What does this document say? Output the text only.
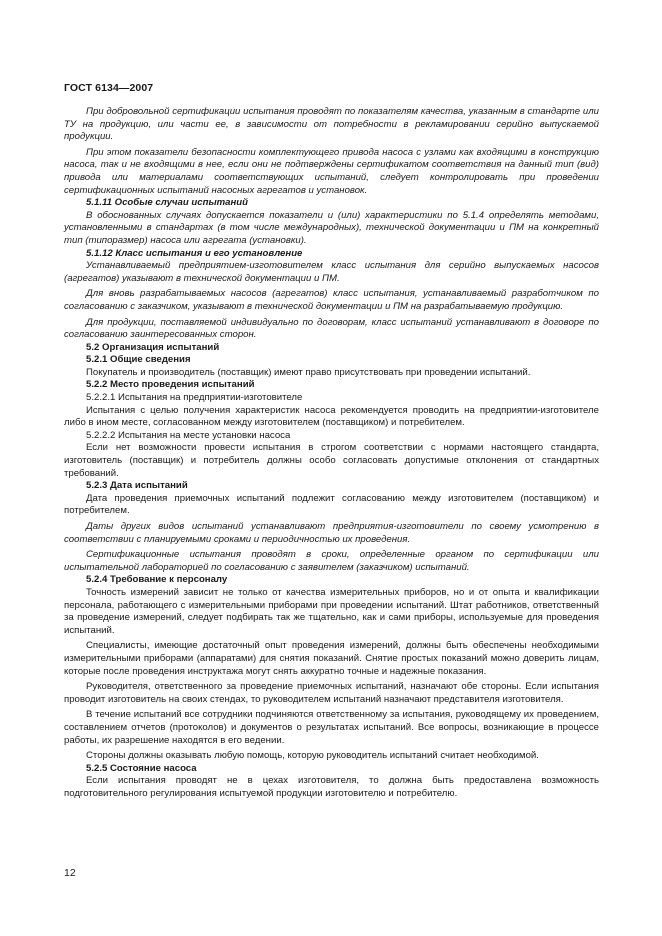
ГОСТ 6134—2007

При добровольной сертификации испытания проводят по показателям качества, указанным в стандарте или ТУ на продукцию, или части ее, в зависимости от потребности в рекламировании серийно выпускаемой продукции.

При этом показатели безопасности комплектующего привода насоса с узлами как входящими в конструкцию насоса, так и не входящими в нее, если они не подтверждены сертификатом соответствия на данный тип (вид) привода или материалами соответствующих испытаний, следует контролировать при проведении сертификационных испытаний насосных агрегатов и установок.

5.1.11 Особые случаи испытаний

В обоснованных случаях допускается показатели и (или) характеристики по 5.1.4 определять методами, установленными в стандартах (в том числе международных), технической документации и ПМ на конкретный тип (типоразмер) насоса или агрегата (установки).

5.1.12 Класс испытания и его установление

Устанавливаемый предприятием-изготовителем класс испытания для серийно выпускаемых насосов (агрегатов) указывают в технической документации и ПМ.

Для вновь разрабатываемых насосов (агрегатов) класс испытания, устанавливаемый разработчиком по согласованию с заказчиком, указывают в технической документации и ПМ на разрабатываемую продукцию.

Для продукции, поставляемой индивидуально по договорам, класс испытаний устанавливают в договоре по согласованию заинтересованных сторон.

5.2 Организация испытаний

5.2.1 Общие сведения

Покупатель и производитель (поставщик) имеют право присутствовать при проведении испытаний.

5.2.2 Место проведения испытаний

5.2.2.1 Испытания на предприятии-изготовителе

Испытания с целью получения характеристик насоса рекомендуется проводить на предприятии-изготовителе либо в ином месте, согласованном между изготовителем (поставщиком) и потребителем.

5.2.2.2 Испытания на месте установки насоса

Если нет возможности провести испытания в строгом соответствии с нормами настоящего стандарта, изготовитель (поставщик) и потребитель должны особо согласовать допустимые отклонения от стандартных требований.

5.2.3 Дата испытаний

Дата проведения приемочных испытаний подлежит согласованию между изготовителем (поставщиком) и потребителем.

Даты других видов испытаний устанавливают предприятия-изготовители по своему усмотрению в соответствии с планируемыми сроками и периодичностью их проведения.

Сертификационные испытания проводят в сроки, определенные органом по сертификации или испытательной лабораторией по согласованию с заявителем (заказчиком) испытаний.

5.2.4 Требование к персоналу

Точность измерений зависит не только от качества измерительных приборов, но и от опыта и квалификации персонала, работающего с измерительными приборами при проведении испытаний. Штат работников, ответственный за проведение измерений, следует подбирать так же тщательно, как и сами приборы, используемые для проведения испытаний.

Специалисты, имеющие достаточный опыт проведения измерений, должны быть обеспечены необходимыми измерительными приборами (аппаратами) для снятия показаний. Снятие простых показаний можно доверить лицам, которые после проведения инструктажа могут снять аккуратно точные и надежные показания.

Руководителя, ответственного за проведение приемочных испытаний, назначают обе стороны. Если испытания проводит изготовитель на своих стендах, то руководителем испытаний назначают представителя изготовителя.

В течение испытаний все сотрудники подчиняются ответственному за испытания, руководящему их проведением, составлением отчетов (протоколов) и документов о результатах испытаний. Все вопросы, возникающие в процессе работы, их разрешение находятся в его ведении.

Стороны должны оказывать любую помощь, которую руководитель испытаний считает необходимой.

5.2.5 Состояние насоса

Если испытания проводят не в цехах изготовителя, то должна быть предоставлена возможность подготовительного регулирования испытуемой продукции изготовителю и потребителю.

12
